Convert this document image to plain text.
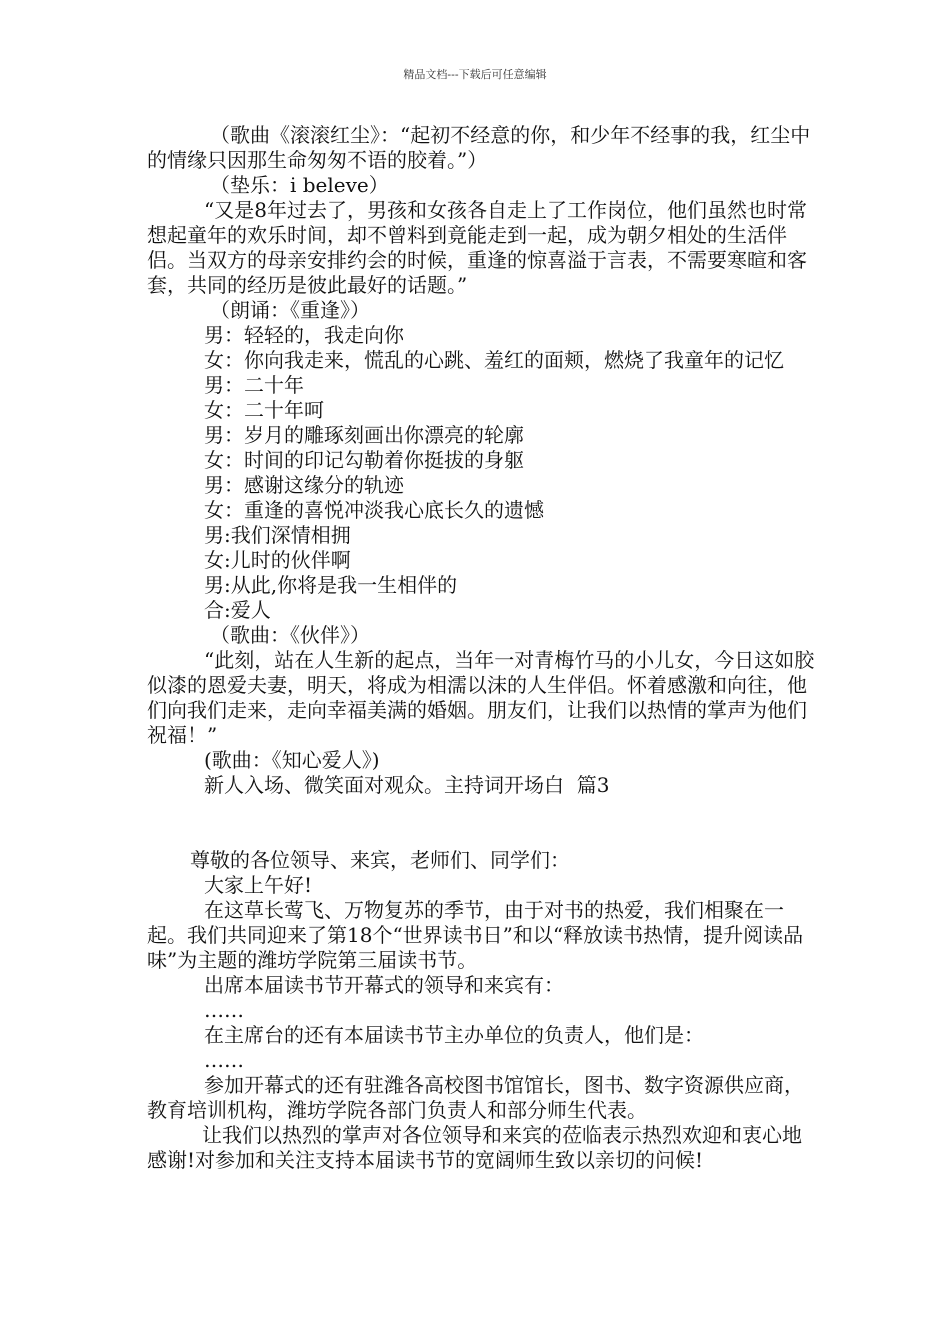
精品文档---下载后可任意编辑

（歌曲《滚滚红尘》：“起初不经意的你，和少年不经事的我，红尘中的情缘只因那生命匆匆不语的胶着。”）

（垫乐：i beleve）

“又是8年过去了，男孩和女孩各自走上了工作岗位，他们虽然也时常想起童年的欢乐时间，却不曾料到竟能走到一起，成为朝夕相处的生活伴侣。当双方的母亲安排约会的时候，重逢的惊喜溢于言表，不需要寒暄和客套，共同的经历是彼此最好的话题。”

（朗诵：《重逢》）

男：轻轻的，我走向你

女：你向我走来，慌乱的心跳、羞红的面颊，燃烧了我童年的记忆

男：二十年

女：二十年呵

男：岁月的雕琢刻画出你漂亮的轮廓

女：时间的印记勾勒着你挺拔的身躯

男：感谢这缘分的轨迹

女：重逢的喜悦冲淡我心底长久的遗憾

男:我们深情相拥

女:儿时的伙伴啊

男:从此,你将是我一生相伴的

合:爱人

（歌曲：《伙伴》）

“此刻，站在人生新的起点，当年一对青梅竹马的小儿女，今日这如胶似漆的恩爱夫妻，明天，将成为相濡以沫的人生伴侣。怀着感激和向往，他们向我们走来，走向幸福美满的婚姻。朋友们，让我们以热情的掌声为他们祝福！”

(歌曲：《知心爱人》)

新人入场、微笑面对观众。主持词开场白  篇3

尊敬的各位领导、来宾，老师们、同学们：

大家上午好!

在这草长莺飞、万物复苏的季节，由于对书的热爱，我们相聚在一起。我们共同迎来了第18个“世界读书日”和以“释放读书热情，提升阅读品味”为主题的潍坊学院第三届读书节。

出席本届读书节开幕式的领导和来宾有：

……

在主席台的还有本届读书节主办单位的负责人，他们是：

……

参加开幕式的还有驻潍各高校图书馆馆长，图书、数字资源供应商，教育培训机构，潍坊学院各部门负责人和部分师生代表。

让我们以热烈的掌声对各位领导和来宾的莅临表示热烈欢迎和衷心地感谢!对参加和关注支持本届读书节的宽阔师生致以亲切的问候!
